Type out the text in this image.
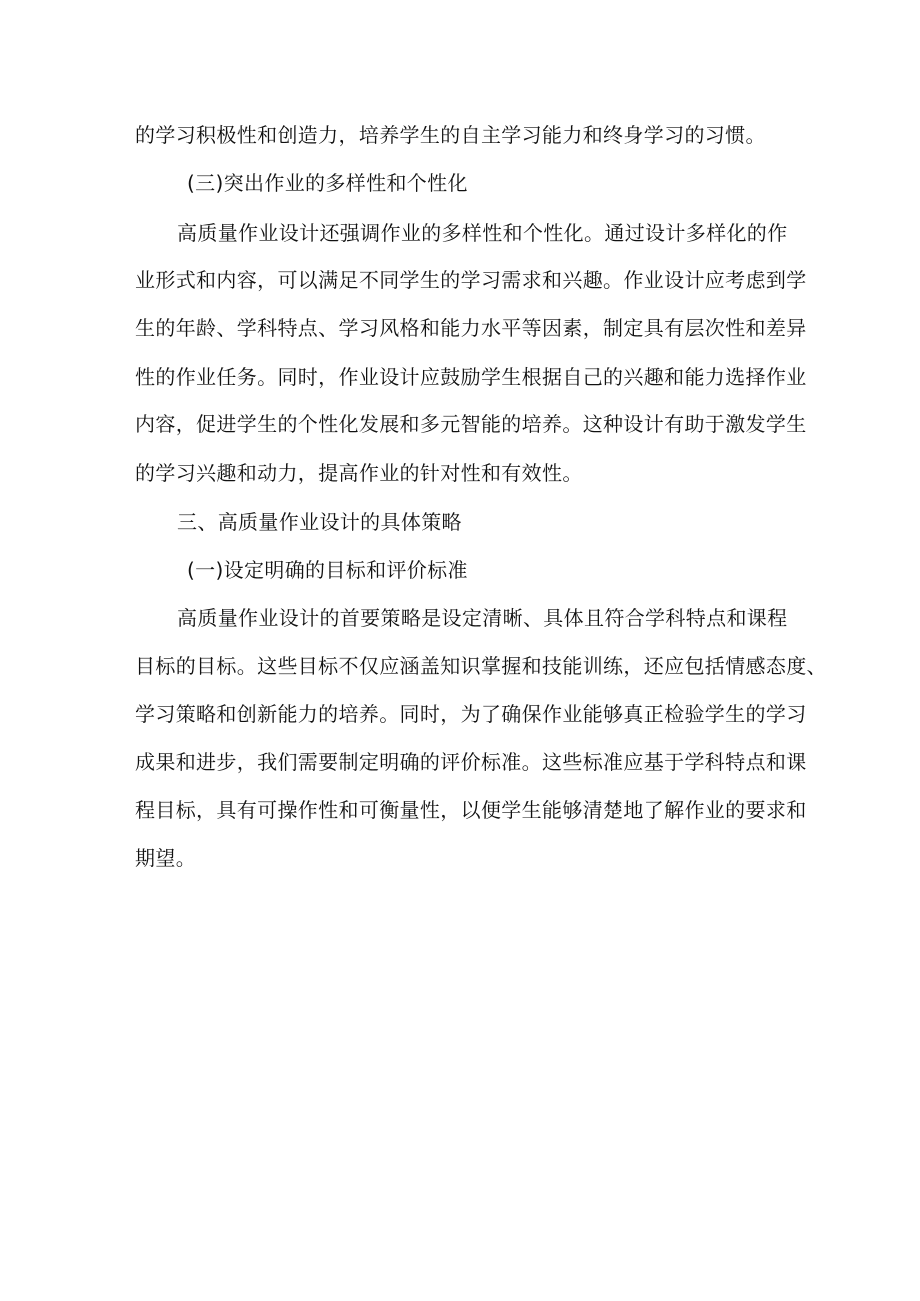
的学习积极性和创造力，培养学生的自主学习能力和终身学习的习惯。
(三)突出作业的多样性和个性化
高质量作业设计还强调作业的多样性和个性化。通过设计多样化的作
业形式和内容，可以满足不同学生的学习需求和兴趣。作业设计应考虑到学
生的年龄、学科特点、学习风格和能力水平等因素，制定具有层次性和差异
性的作业任务。同时，作业设计应鼓励学生根据自己的兴趣和能力选择作业
内容，促进学生的个性化发展和多元智能的培养。这种设计有助于激发学生
的学习兴趣和动力，提高作业的针对性和有效性。
三、高质量作业设计的具体策略
(一)设定明确的目标和评价标准
高质量作业设计的首要策略是设定清晰、具体且符合学科特点和课程
目标的目标。这些目标不仅应涵盖知识掌握和技能训练，还应包括情感态度、
学习策略和创新能力的培养。同时，为了确保作业能够真正检验学生的学习
成果和进步，我们需要制定明确的评价标准。这些标准应基于学科特点和课
程目标，具有可操作性和可衡量性，以便学生能够清楚地了解作业的要求和
期望。
